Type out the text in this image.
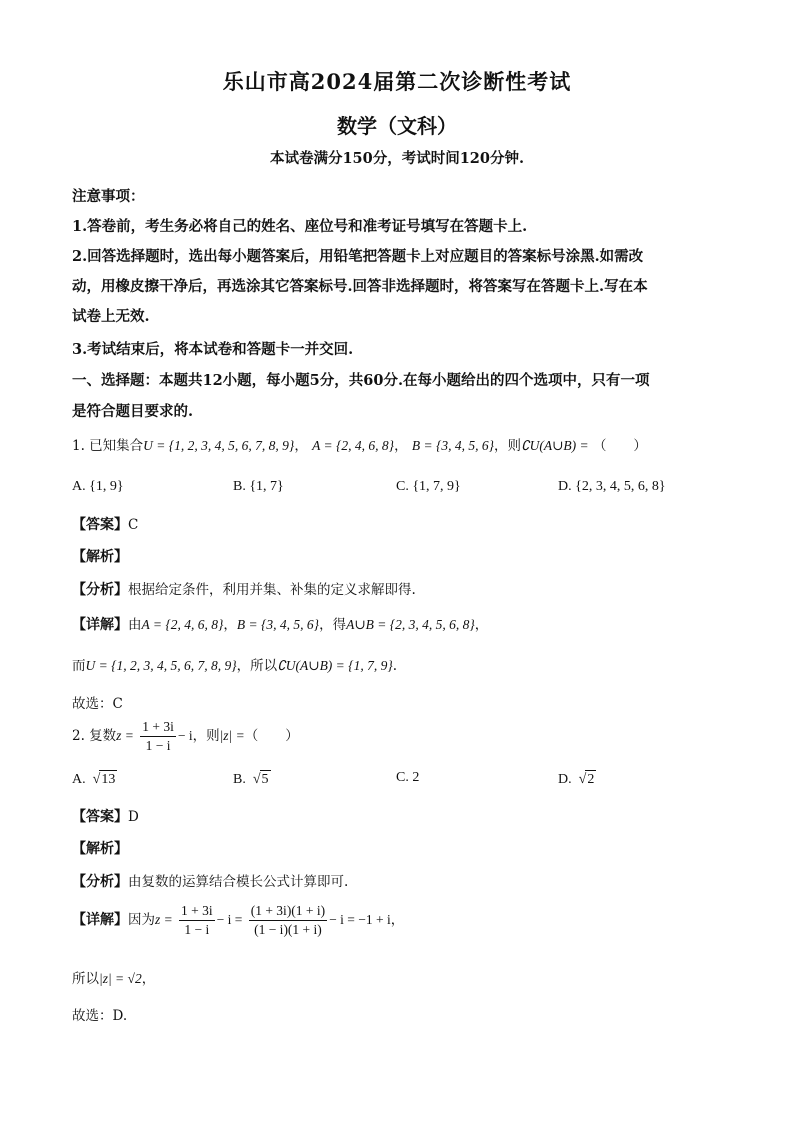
乐山市高2024届第二次诊断性考试
数学（文科）
本试卷满分150分，考试时间120分钟.
注意事项：
1.答卷前，考生务必将自己的姓名、座位号和准考证号填写在答题卡上.
2.回答选择题时，选出每小题答案后，用铅笔把答题卡上对应题目的答案标号涂黑.如需改
动，用橡皮擦干净后，再选涂其它答案标号.回答非选择题时，将答案写在答题卡上.写在本
试卷上无效.
3.考试结束后，将本试卷和答题卡一并交回.
一、选择题：本题共12小题，每小题5分，共60分.在每小题给出的四个选项中，只有一项
是符合题目要求的.
1. 已知集合U = {1, 2, 3, 4, 5, 6, 7, 8, 9}， A = {2, 4, 6, 8}， B = {3, 4, 5, 6}，则∁U(A∪B) = （　　）
A. {1, 9}	B. {1, 7}	C. {1, 7, 9}	D. {2, 3, 4, 5, 6, 8}
【答案】C
【解析】
【分析】根据给定条件，利用并集、补集的定义求解即得.
【详解】由A = {2, 4, 6, 8}，B = {3, 4, 5, 6}，得A∪B = {2, 3, 4, 5, 6, 8}，
而U = {1, 2, 3, 4, 5, 6, 7, 8, 9}，所以∁U(A∪B) = {1, 7, 9}.
故选：C
2. 复数$z = \frac{1 + 3i}{1 - i} - i$，则|z| =（　　）
A.  √13	B.  √5	C. 2	D.  √2
【答案】D
【解析】
【分析】由复数的运算结合模长公式计算即可.
【详解】因为$z = \frac{1 + 3i}{1 - i} - i = \frac{(1 + 3i)(1 + i)}{(1 - i)(1 + i)} - i = -1 + i$，
所以|z| = √2，
故选：D.
